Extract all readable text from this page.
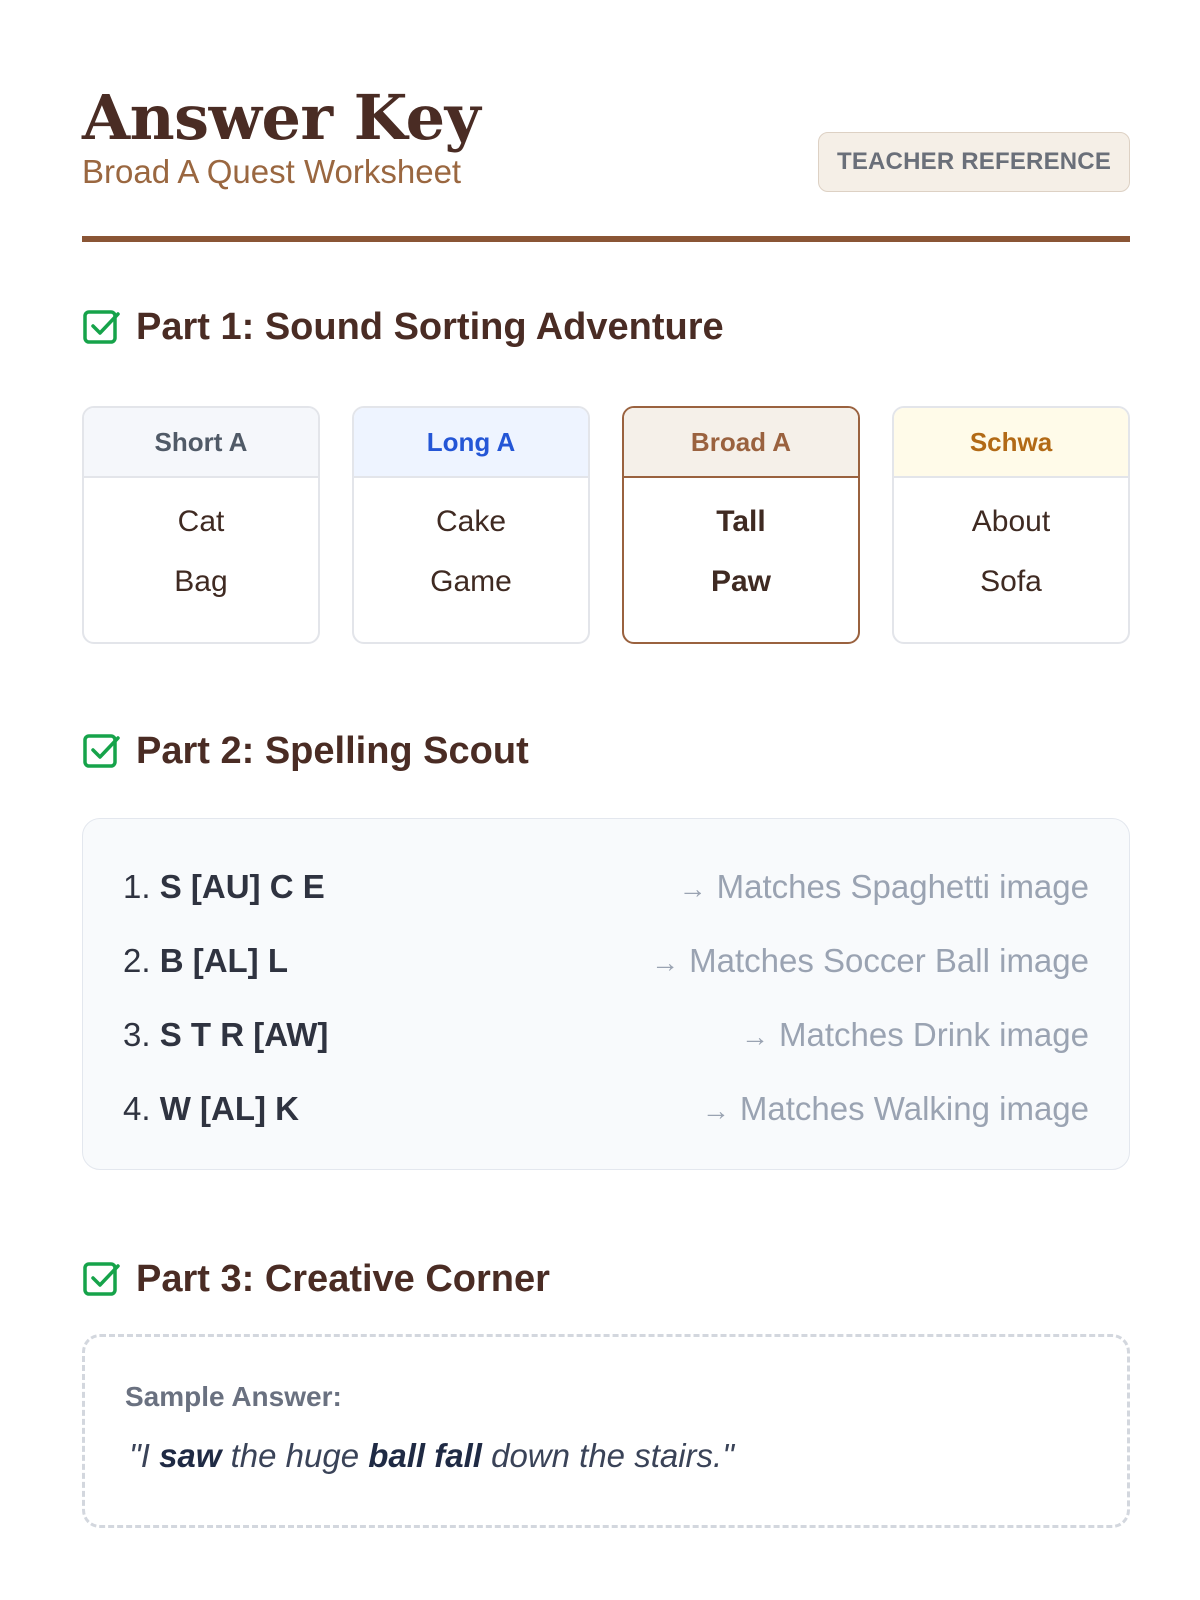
Answer Key
Broad A Quest Worksheet	TEACHER REFERENCE
Part 1: Sound Sorting Adventure
Short A
Cat
Bag
Long A
Cake
Game
Broad A
Tall
Paw
Schwa
About
Sofa
Part 2: Spelling Scout
1. S [AU] C E	→ Matches Spaghetti image
2. B [AL] L	→ Matches Soccer Ball image
3. S T R [AW]	→ Matches Drink image
4. W [AL] K	→ Matches Walking image
Part 3: Creative Corner
Sample Answer:
"I saw the huge ball fall down the stairs."
